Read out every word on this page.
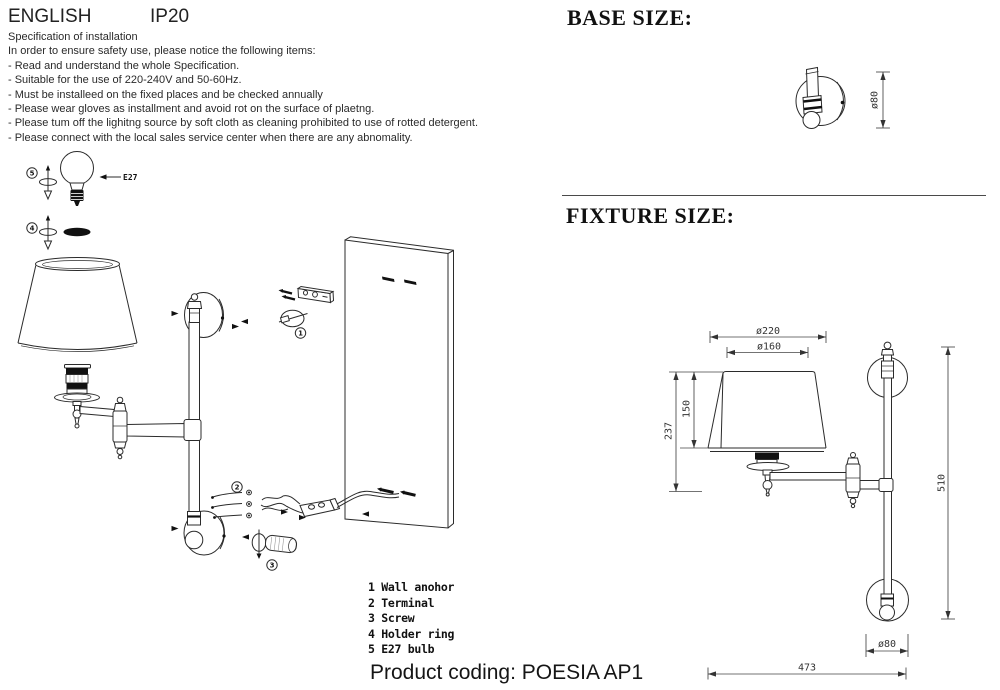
ENGLISH	IP20
Specification of installation
In order to ensure safety use, please notice the following items:
- Read and understand the whole Specification.
- Suitable for the use of 220-240V and 50-60Hz.
- Must be installeed on the fixed places and be checked annually
- Please wear gloves as installment and avoid rot on the surface of plaetng.
- Please tum off the lighitng source by soft cloth as cleaning prohibited to use of rotted detergent.
- Please connect with the local sales service center when there are any abnomality.
E27
5
4
1
2
3
1 Wall anohor
2 Terminal
3 Screw
4 Holder ring
5 E27 bulb
Product coding: POESIA AP1
BASE SIZE:
ø80
FIXTURE SIZE:
ø220
ø160
150
237
510
ø80
473
